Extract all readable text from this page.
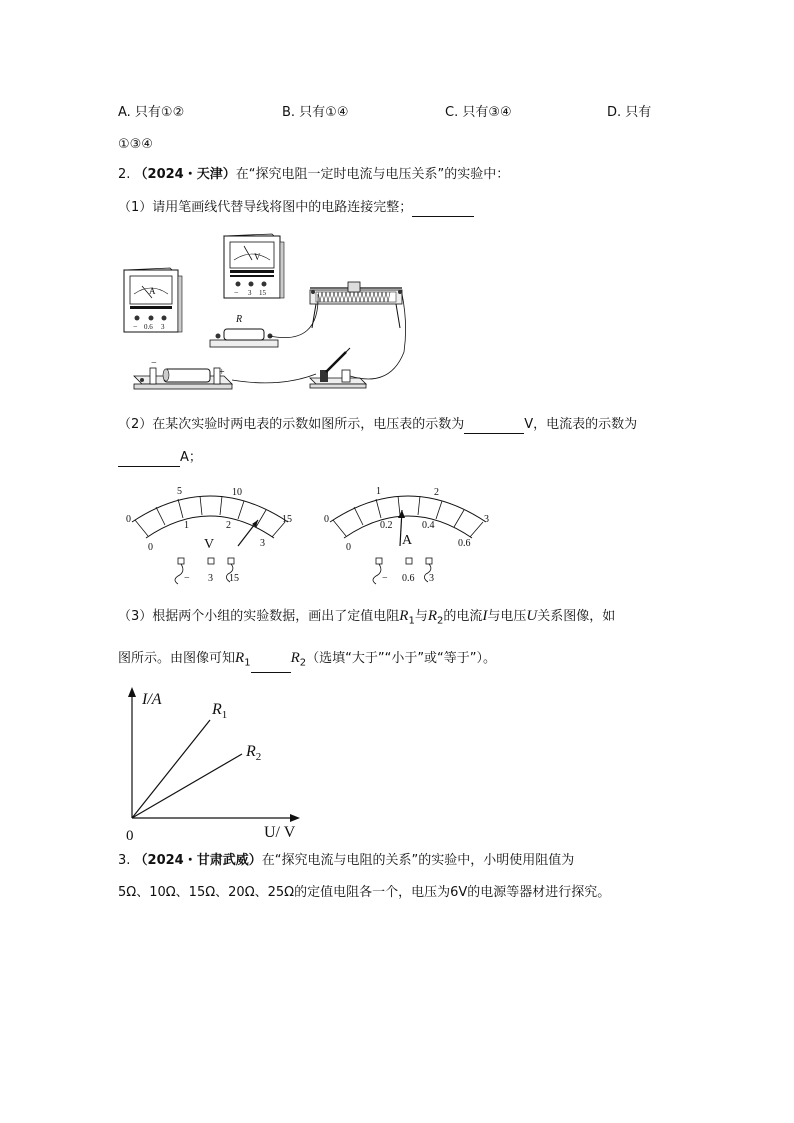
A. 只有①②	B. 只有①④	C. 只有③④	D. 只有
①③④
2. （2024・天津）在“探究电阻一定时电流与电压关系”的实验中：
（1）请用笔画线代替导线将图中的电路连接完整；
A
− 0.6 3
V
− 3 15
R
−
+
（2）在某次实验时两电表的示数如图所示，电压表的示数为	V，电流表的示数为
A；
0
5	10
15
0
1	2
3
V
− 3 15
0
1	2
3
0
0.2	0.4
0.6
A
− 0.6 3
（3）根据两个小组的实验数据，画出了定值电阻$R_1$与$R_2$的电流I与电压U关系图像，如
图所示。由图像可知$R_1$	$R_2$（选填“大于”“小于”或“等于”）。
I/A
U/ V
0
$R_1$
$R_2$
3. （2024・甘肃武威）在“探究电流与电阻的关系”的实验中，小明使用阻值为
5Ω、10Ω、15Ω、20Ω、25Ω的定值电阻各一个，电压为6V的电源等器材进行探究。
